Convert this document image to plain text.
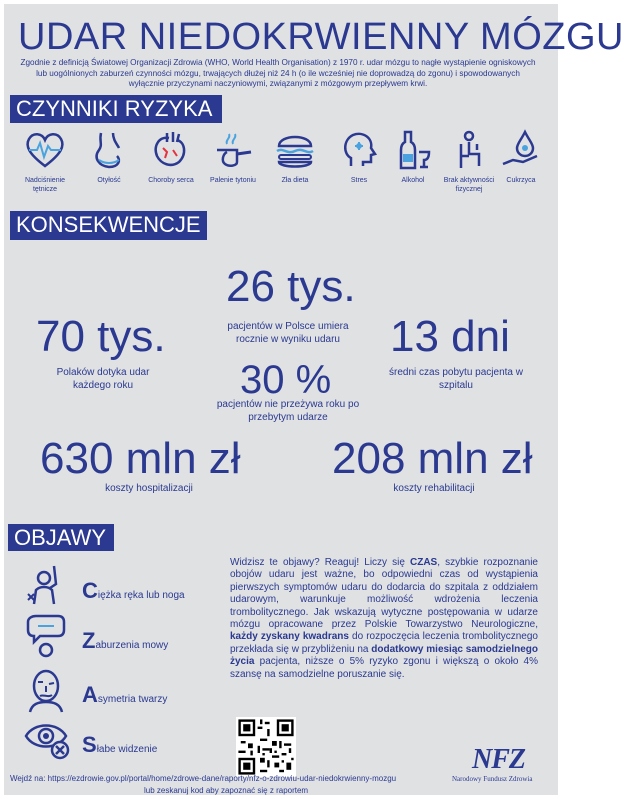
UDAR NIEDOKRWIENNY MÓZGU
Zgodnie z definicją Światowej Organizacji Zdrowia (WHO, World Health Organisation) z 1970 r. udar mózgu to nagłe wystąpienie ogniskowych lub uogólnionych zaburzeń czynności mózgu, trwających dłużej niż 24 h (o ile wcześniej nie doprowadzą do zgonu) i spowodowanych wyłącznie przyczynami naczyniowymi, związanymi z mózgowym przepływem krwi.
CZYNNIKI RYZYKA
Nadciśnienie tętnicze
Otyłość	Choroby serca	Palenie tytoniu	Zła dieta	Stres	Alkohol	Brak aktywności fizycznej
Cukrzyca
KONSEKWENCJE
26 tys.
pacjentów w Polsce umiera rocznie w wyniku udaru
70 tys.
Polaków dotyka udar każdego roku
13 dni
średni czas pobytu pacjenta w szpitalu
30 %
pacjentów nie przeżywa roku po przebytym udarze
630 mln zł
koszty hospitalizacji
208 mln zł
koszty rehabilitacji
OBJAWY
Ciężka ręka lub noga
Zaburzenia mowy
Asymetria twarzy
Słabe widzenie
Widzisz te objawy? Reaguj! Liczy się CZAS, szybkie rozpoznanie obojów udaru jest ważne, bo odpowiedni czas od wystąpienia pierwszych symptomów udaru do dodarcia do szpitala z oddziałem udarowym, warunkuje możliwość wdrożenia leczenia trombolitycznego. Jak wskazują wytyczne postępowania w udarze mózgu opracowane przez Polskie Towarzystwo Neurologiczne, każdy zyskany kwadrans do rozpoczęcia leczenia trombolitycznego przekłada się w przybliżeniu na dodatkowy miesiąc samodzielnego życia pacjenta, niższe o 5% ryzyko zgonu i większą o około 4% szansę na samodzielne poruszanie się.
NFZ
Narodowy Fundusz Zdrowia
Wejdź na: https://ezdrowie.gov.pl/portal/home/zdrowe-dane/raporty/nfz-o-zdrowiu-udar-niedokrwienny-mozgu
lub zeskanuj kod aby zapoznać się z raportem
